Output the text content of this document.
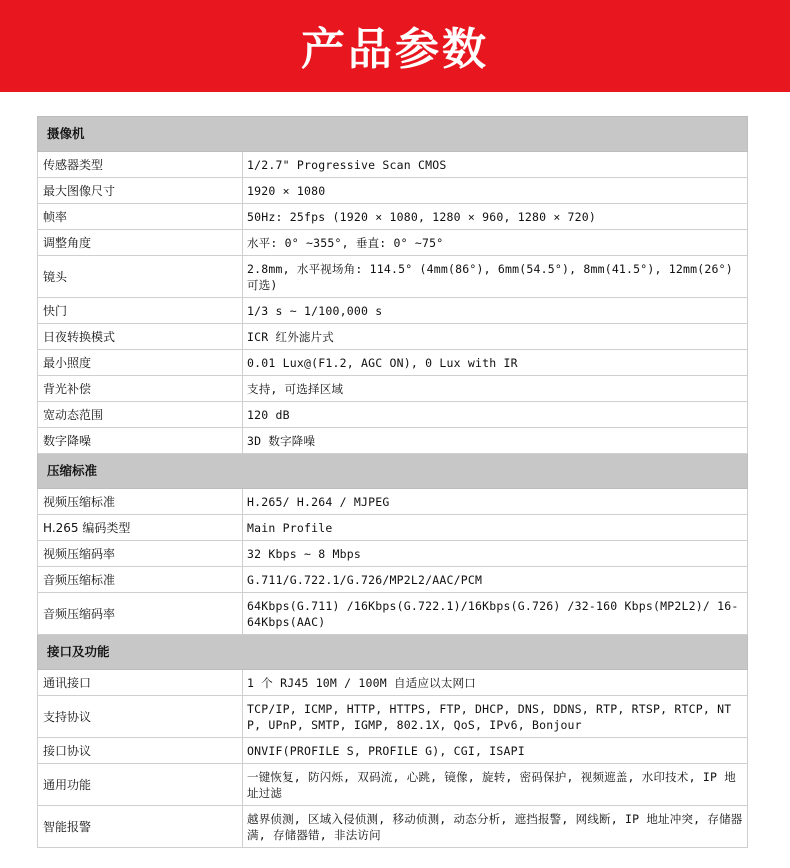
产品参数
摄像机	
传感器类型	1/2.7" Progressive Scan CMOS
最大图像尺寸	1920 × 1080
帧率	50Hz: 25fps (1920 × 1080, 1280 × 960, 1280 × 720)
调整角度	水平: 0° ~355°, 垂直: 0° ~75°
镜头	2.8mm, 水平视场角: 114.5° (4mm(86°), 6mm(54.5°), 8mm(41.5°), 12mm(26°)可选)
快门	1/3 s ~ 1/100,000 s
日夜转换模式	ICR 红外滤片式
最小照度	0.01 Lux@(F1.2, AGC ON), 0 Lux with IR
背光补偿	支持, 可选择区域
宽动态范围	120 dB
数字降噪	3D 数字降噪
压缩标准	
视频压缩标准	H.265/ H.264 / MJPEG
H.265 编码类型	Main Profile
视频压缩码率	32 Kbps ~ 8 Mbps
音频压缩标准	G.711/G.722.1/G.726/MP2L2/AAC/PCM
音频压缩码率	64Kbps(G.711) /16Kbps(G.722.1)/16Kbps(G.726) /32-160 Kbps(MP2L2)/ 16-64Kbps(AAC)
接口及功能	
通讯接口	1 个 RJ45 10M / 100M 自适应以太网口
支持协议	TCP/IP, ICMP, HTTP, HTTPS, FTP, DHCP, DNS, DDNS, RTP, RTSP, RTCP, NTP, UPnP, SMTP, IGMP, 802.1X, QoS, IPv6, Bonjour
接口协议	ONVIF(PROFILE S, PROFILE G), CGI, ISAPI
通用功能	一键恢复, 防闪烁, 双码流, 心跳, 镜像, 旋转, 密码保护, 视频遮盖, 水印技术, IP 地址过滤
智能报警	越界侦测, 区域入侵侦测, 移动侦测, 动态分析, 遮挡报警, 网线断, IP 地址冲突, 存储器满, 存储器错, 非法访问
